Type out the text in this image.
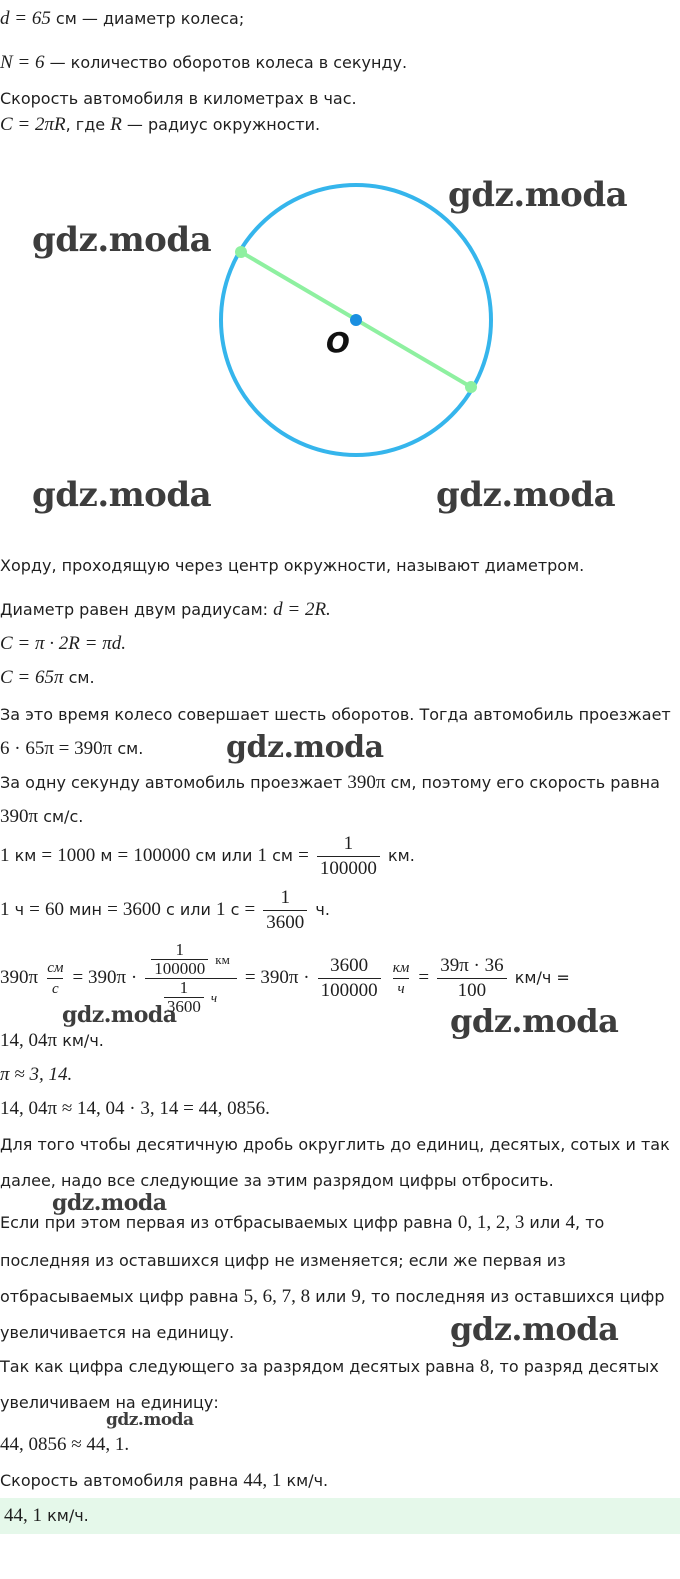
d = 65 см — диаметр колеса;
N = 6 — количество оборотов колеса в секунду.
Скорость автомобиля в километрах в час.
C = 2πR, где R — радиус окружности.
O
gdz.moda
gdz.moda
gdz.moda	gdz.moda
gdz.moda
gdz.moda	gdz.moda
gdz.moda
gdz.moda
gdz.moda
Хорду, проходящую через центр окружности, называют диаметром.
Диаметр равен двум радиусам: d = 2R.
C = π · 2R = πd.
C = 65π см.
За это время колесо совершает шесть оборотов. Тогда автомобиль проезжает
6 · 65π = 390π см.
За одну секунду автомобиль проезжает 390π см, поэтому его скорость равна
390π см/с.
1 км = 1000 м = 100000 см или 1 см = $\frac{1}{100000}$ км.
1 ч = 60 мин = 3600 с или 1 $с = \frac{1}{3600} ч$.
390π см
с
= $390\pi \cdot \frac{\frac{1}{100000} км}{\frac{1}{3600} ч} = 390\pi \cdot \frac{3600}{100000}$
км
ч
= $\frac{39\pi \cdot 36}{100} км/ч$ =
14, 04π км/ч.
π ≈ 3, 14.
14, 04π ≈ 14, 04 · 3, 14 = 44, 0856.
Для того чтобы десятичную дробь округлить до единиц, десятых, сотых и так
далее, надо все следующие за этим разрядом цифры отбросить.
Если при этом первая из отбрасываемых цифр равна 0, 1, 2, 3 или 4, то
последняя из оставшихся цифр не изменяется; если же первая из
отбрасываемых цифр равна 5, 6, 7, 8 или 9, то последняя из оставшихся цифр
увеличивается на единицу.
Так как цифра следующего за разрядом десятых равна 8, то разряд десятых
увеличиваем на единицу:
44, 0856 ≈ 44, 1.
Скорость автомобиля равна 44, 1 км/ч.
44, 1 км/ч.
